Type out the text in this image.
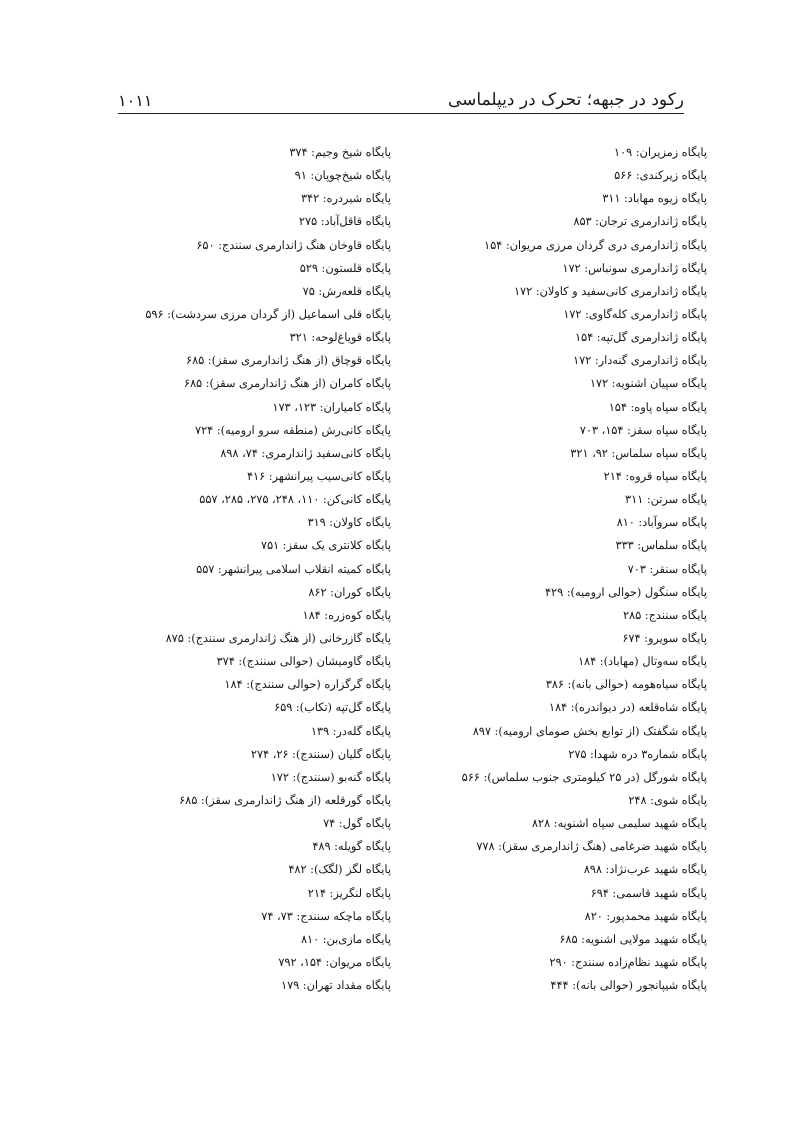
رکود در جبهه؛ تحرک در دیپلماسی
۱۰۱۱
پایگاه زمزیران: ۱۰۹
پایگاه زیرکندی: ۵۶۶
پایگاه زیوه مهاباد: ۳۱۱
پایگاه ژاندارمری ترجان: ۸۵۳
پایگاه ژاندارمری دری گردان مرزی مریوان: ۱۵۴
پایگاه ژاندارمری سونباس: ۱۷۲
پایگاه ژاندارمری کانی‌سفید و کاولان: ۱۷۲
پایگاه ژاندارمری کله‌گاوی: ۱۷۲
پایگاه ژاندارمری گل‌تپه: ۱۵۴
پایگاه ژاندارمری گنه‌دار: ۱۷۲
پایگاه سپیان اشنویه: ۱۷۲
پایگاه سپاه پاوه: ۱۵۴
پایگاه سپاه سقز: ۱۵۴، ۷۰۳
پایگاه سپاه سلماس: ۹۲، ۳۲۱
پایگاه سپاه قروه: ۲۱۴
پایگاه سرتن: ۳۱۱
پایگاه سروآباد: ۸۱۰
پایگاه سلماس: ۳۳۳
پایگاه سنقر: ۷۰۳
پایگاه سنگول (حوالی ارومیه): ۴۲۹
پایگاه سنندج: ۲۸۵
پایگاه سویرو: ۶۷۴
پایگاه سه‌وتال (مهاباد): ۱۸۴
پایگاه سیاه‌هومه (حوالی بانه): ۳۸۶
پایگاه شاه‌قلعه (در دیواندره): ۱۸۴
پایگاه شگفتک (از توابع بخش صومای ارومیه): ۸۹۷
پایگاه شماره۳ دره شهدا: ۲۷۵
پایگاه شورگل (در ۲۵ کیلومتری جنوب سلماس): ۵۶۶
پایگاه شوی: ۲۴۸
پایگاه شهید سلیمی سپاه اشنویه: ۸۲۸
پایگاه شهید ضرغامی (هنگ ژاندارمری سقز): ۷۷۸
پایگاه شهید عرب‌نژاد: ۸۹۸
پایگاه شهید قاسمی: ۶۹۴
پایگاه شهید محمدپور: ۸۲۰
پایگاه شهید مولایی اشنویه: ۶۸۵
پایگاه شهید نظام‌زاده سنندج: ۲۹۰
پایگاه شیپانجور (حوالی بانه): ۴۴۴
پایگاه شیخ وجیم: ۳۷۴
پایگاه شیخ‌چوپان: ۹۱
پایگاه شیردره: ۳۴۲
پایگاه قاقل‌آباد: ۲۷۵
پایگاه قاوخان هنگ ژاندارمری سنندج: ۶۵۰
پایگاه قلستون: ۵۲۹
پایگاه قلعه‌رش: ۷۵
پایگاه قلی اسماعیل (از گردان مرزی سردشت): ۵۹۶
پایگاه قویاغ‌لوحه: ۳۲۱
پایگاه قوچاق (از هنگ ژاندارمری سقز): ۶۸۵
پایگاه کامران (از هنگ ژاندارمری سقز): ۶۸۵
پایگاه کامیاران: ۱۲۳، ۱۷۳
پایگاه کانی‌رش (منطقه سرو ارومیه): ۷۲۴
پایگاه کانی‌سفید ژاندارمری: ۷۴، ۸۹۸
پایگاه کانی‌سیب پیرانشهر: ۴۱۶
پایگاه کانی‌کن: ۱۱۰، ۲۴۸، ۲۷۵، ۲۸۵، ۵۵۷
پایگاه کاولان: ۳۱۹
پایگاه کلانتری یک سقز: ۷۵۱
پایگاه کمیته انقلاب اسلامی پیرانشهر: ۵۵۷
پایگاه کوران: ۸۶۲
پایگاه کوه‌زره: ۱۸۴
پایگاه گازرخانی (از هنگ ژاندارمری سنندج): ۸۷۵
پایگاه گاومیشان (حوالی سنندج): ۳۷۴
پایگاه گرگزاره (حوالی سنندج): ۱۸۴
پایگاه گل‌تپه (تکاب): ۶۵۹
پایگاه گله‌در: ۱۳۹
پایگاه گلیان (سنندج): ۲۶، ۲۷۴
پایگاه گنه‌بو (سنندج): ۱۷۲
پایگاه گورقلعه (از هنگ ژاندارمری سقز): ۶۸۵
پایگاه گول: ۷۴
پایگاه گویله: ۴۸۹
پایگاه لگز (لگک): ۴۸۲
پایگاه لنگریز: ۲۱۴
پایگاه ماچکه سنندج: ۷۳، ۷۴
پایگاه مازی‌بن: ۸۱۰
پایگاه مریوان: ۱۵۴، ۷۹۲
پایگاه مقداد تهران: ۱۷۹
